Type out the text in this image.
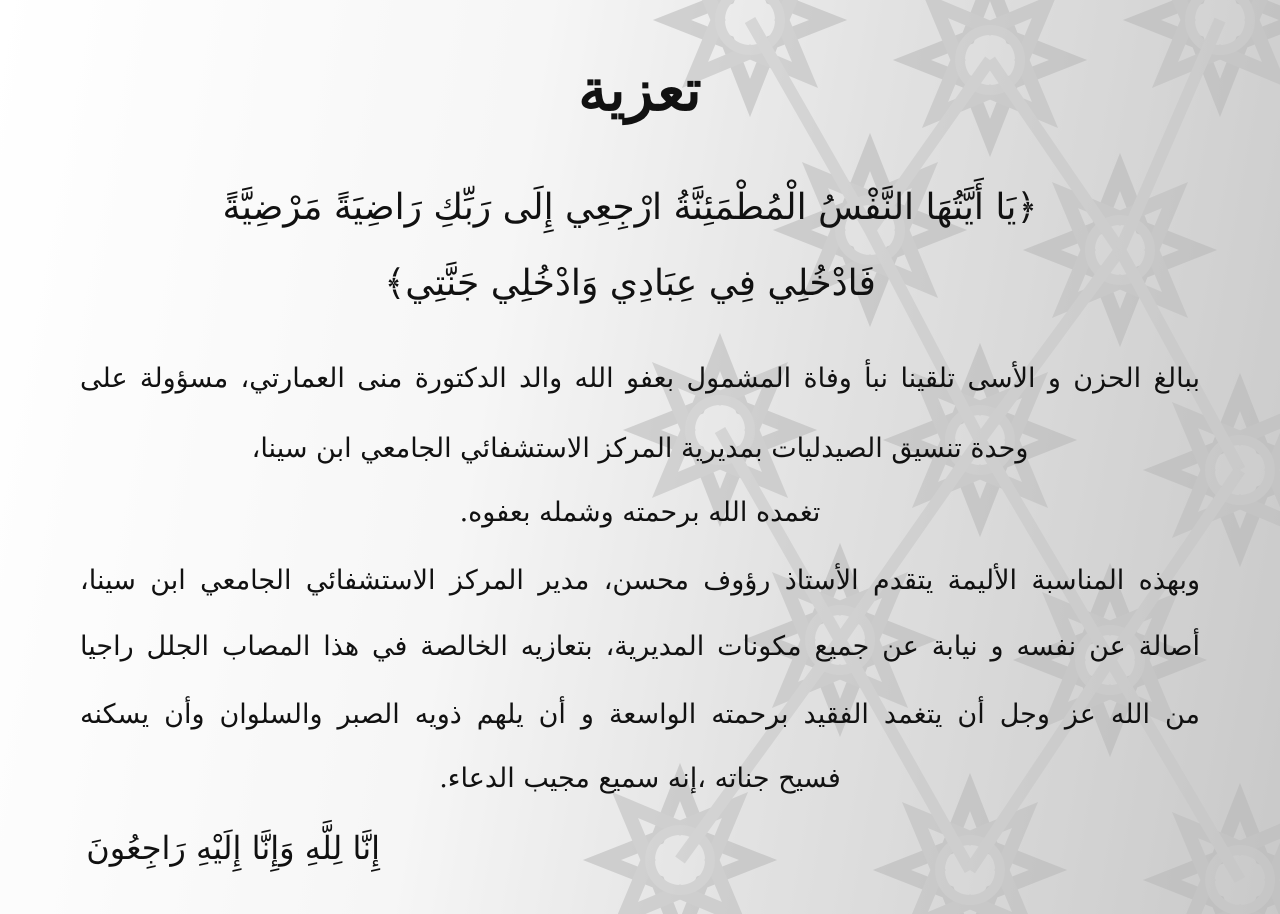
تعزية
﴿يَا أَيَّتُهَا النَّفْسُ الْمُطْمَئِنَّةُ ارْجِعِي إِلَى رَبِّكِ رَاضِيَةً مَرْضِيَّةً
فَادْخُلِي فِي عِبَادِي وَادْخُلِي جَنَّتِي﴾
ببالغ الحزن و الأسى تلقينا نبأ وفاة المشمول بعفو الله والد الدكتورة منى العمارتي، مسؤولة على
وحدة تنسيق الصيدليات بمديرية المركز الاستشفائي الجامعي ابن سينا،
تغمده الله برحمته وشمله بعفوه.
وبهذه المناسبة الأليمة يتقدم الأستاذ رؤوف محسن، مدير المركز الاستشفائي الجامعي ابن سينا،
أصالة عن نفسه و نيابة عن جميع مكونات المديرية، بتعازيه الخالصة في هذا المصاب الجلل راجيا
من الله عز وجل أن يتغمد الفقيد برحمته الواسعة و أن يلهم ذويه الصبر والسلوان وأن يسكنه
فسيح جناته ،إنه سميع مجيب الدعاء.
إِنَّا لِلَّهِ وَإِنَّا إِلَيْهِ رَاجِعُونَ
